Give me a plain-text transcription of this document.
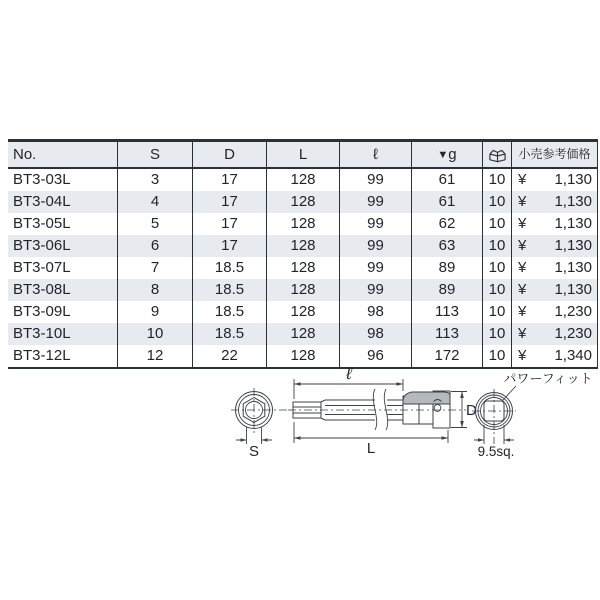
No.	S	D	L	ℓ	▼g	小売参考価格
BT3-03L	3	17	128	99	61	10 ¥ 1,130
BT3-04L	4	17	128	99	61	10 ¥ 1,130
BT3-05L	5	17	128	99	62	10 ¥ 1,130
BT3-06L	6	17	128	99	63	10 ¥ 1,130
BT3-07L	7	18.5	128	99	89	10 ¥ 1,130
BT3-08L	8	18.5	128	99	89	10 ¥ 1,130
BT3-09L	9	18.5	128	98	113	10 ¥ 1,230
BT3-10L	10	18.5	128	98	113	10 ¥ 1,230
BT3-12L	12	22	128	96	172	10 ¥ 1,340
S
ℓ
L
D
9.5sq.
パワーフィット
